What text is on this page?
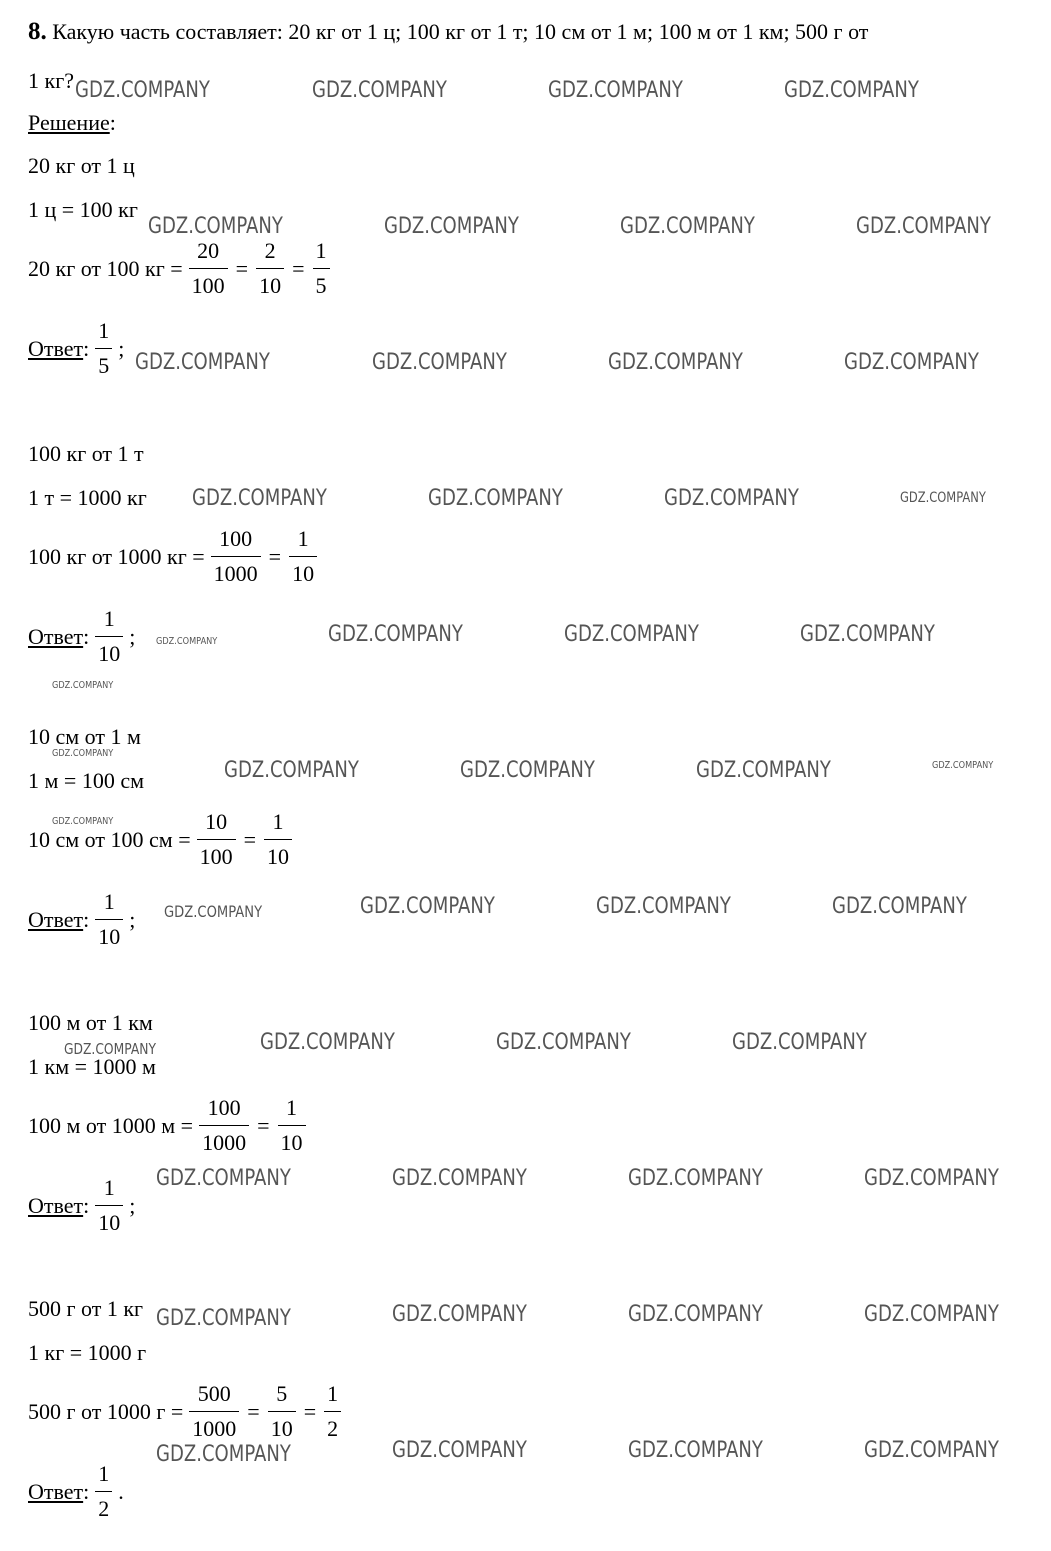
8. Какую часть составляет: 20 кг от 1 ц; 100 кг от 1 т; 10 см от 1 м; 100 м от 1 км; 500 г от
1 кг?
Решение:
20 кг от 1 ц
1 ц = 100 кг
20 кг от 100 кг = $\frac{20}{100} = \frac{2}{10} = \frac{1}{5}$
Ответ : $\frac{1}{5}$ ;
100 кг от 1 т
1 т = 1000 кг
100 кг от 1000 кг = $\frac{100}{1000} = \frac{1}{10}$
Ответ : $\frac{1}{10}$ ;
10 см от 1 м
1 м = 100 см
10 см от 100 см = $\frac{10}{100} = \frac{1}{10}$
Ответ : $\frac{1}{10}$ ;
100 м от 1 км
1 км = 1000 м
100 м от 1000 $м = \frac{100}{1000} = \frac{1}{10}$
Ответ : $\frac{1}{10}$ ;
500 г от 1 кг
1 кг = 1000 г
500 г от 1000 $г = \frac{500}{1000} = \frac{5}{10} = \frac{1}{2}$
Ответ : $\frac{1}{2}$ .
GDZ.COMPANY	GDZ.COMPANY	GDZ.COMPANY	GDZ.COMPANY
GDZ.COMPANY	GDZ.COMPANY	GDZ.COMPANY	GDZ.COMPANY
GDZ.COMPANY	GDZ.COMPANY	GDZ.COMPANY	GDZ.COMPANY
GDZ.COMPANY	GDZ.COMPANY	GDZ.COMPANY	GDZ.COMPANY
GDZ.COMPANY	GDZ.COMPANY	GDZ.COMPANY	GDZ.COMPANY
GDZ.COMPANY
GDZ.COMPANY
GDZ.COMPANY	GDZ.COMPANY	GDZ.COMPANY	GDZ.COMPANY
GDZ.COMPANY
GDZ.COMPANY	GDZ.COMPANY	GDZ.COMPANY	GDZ.COMPANY
GDZ.COMPANY	GDZ.COMPANY	GDZ.COMPANY	GDZ.COMPANY
GDZ.COMPANY	GDZ.COMPANY	GDZ.COMPANY	GDZ.COMPANY
GDZ.COMPANY	GDZ.COMPANY	GDZ.COMPANY	GDZ.COMPANY
GDZ.COMPANY	GDZ.COMPANY	GDZ.COMPANY	GDZ.COMPANY
